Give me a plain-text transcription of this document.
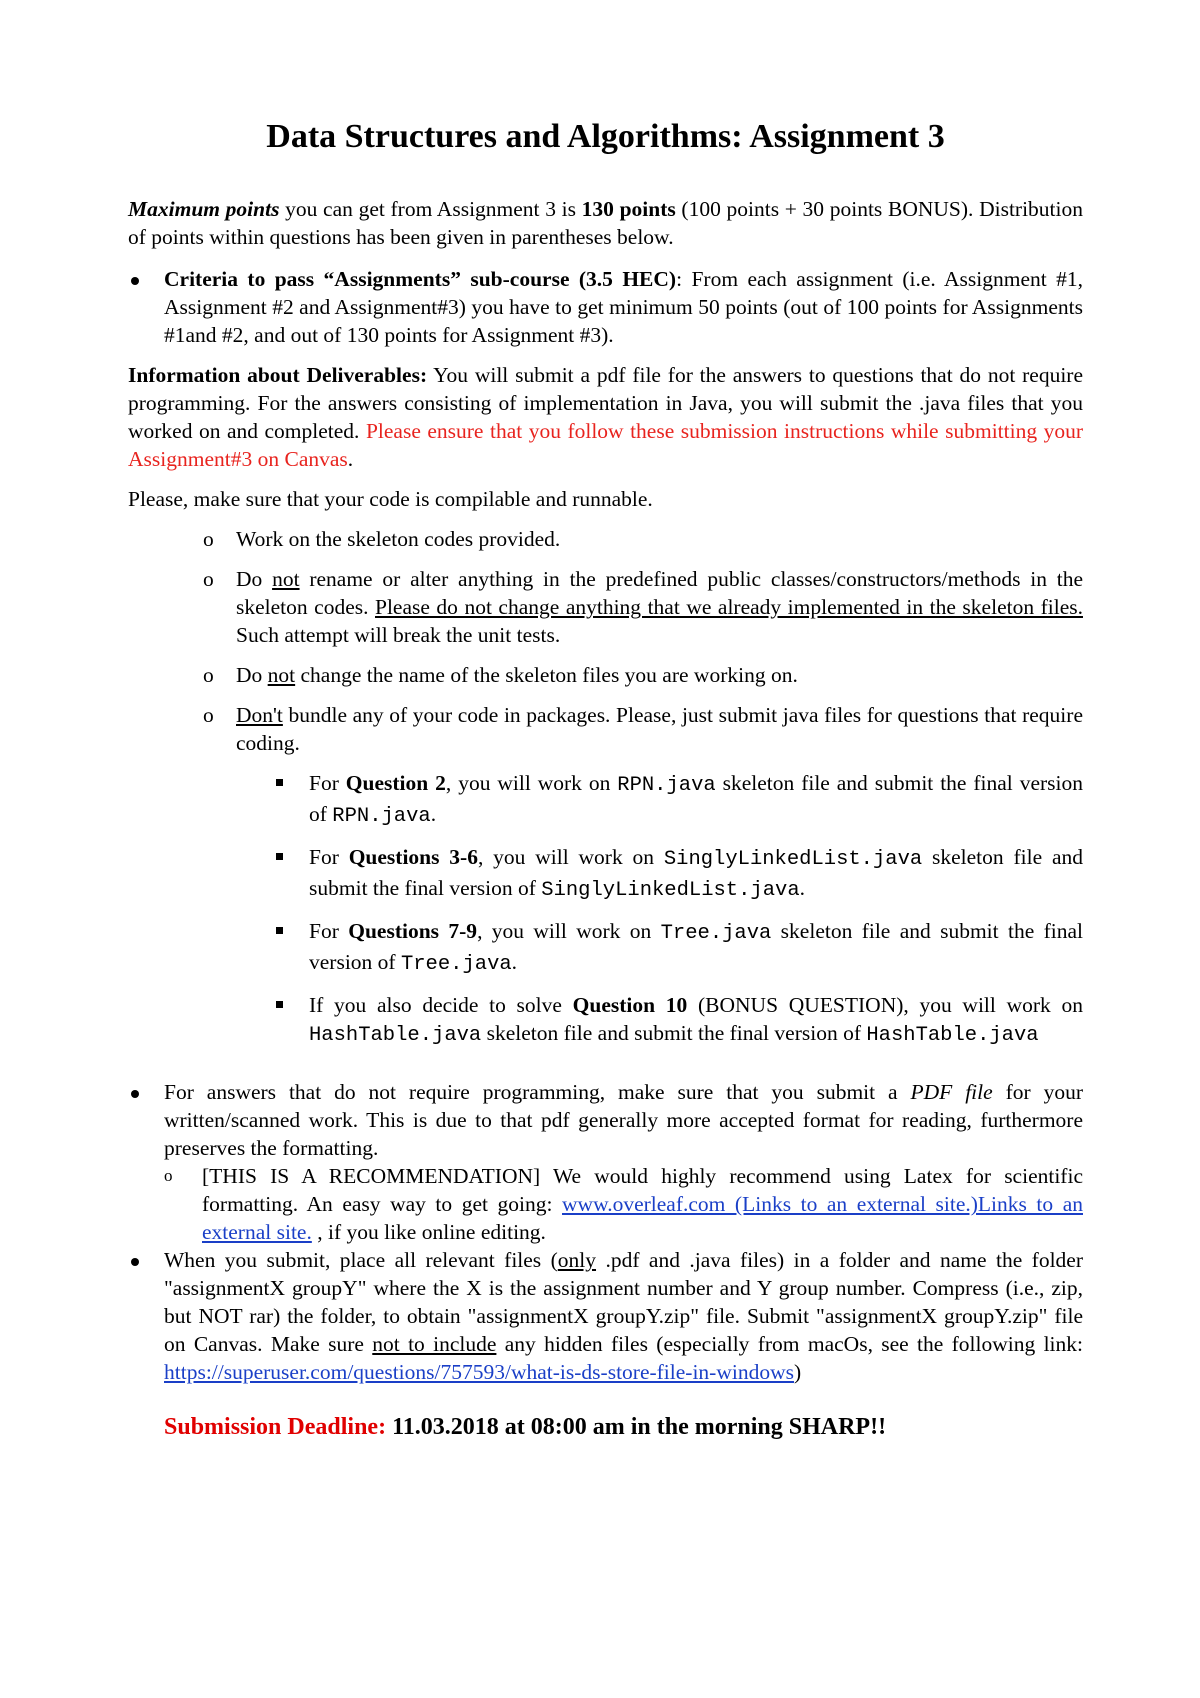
Data Structures and Algorithms: Assignment 3

Maximum points you can get from Assignment 3 is 130 points (100 points + 30 points BONUS). Distribution of points within questions has been given in parentheses below.

Criteria to pass “Assignments” sub-course (3.5 HEC): From each assignment (i.e. Assignment #1, Assignment #2 and Assignment#3) you have to get minimum 50 points (out of 100 points for Assignments #1and #2, and out of 130 points for Assignment #3).

Information about Deliverables: You will submit a pdf file for the answers to questions that do not require programming. For the answers consisting of implementation in Java, you will submit the .java files that you worked on and completed. Please ensure that you follow these submission instructions while submitting your Assignment#3 on Canvas.

Please, make sure that your code is compilable and runnable.

o Work on the skeleton codes provided.
o Do not rename or alter anything in the predefined public classes/constructors/methods in the skeleton codes. Please do not change anything that we already implemented in the skeleton files. Such attempt will break the unit tests.
o Do not change the name of the skeleton files you are working on.
o Don't bundle any of your code in packages. Please, just submit java files for questions that require coding.
For Question 2, you will work on RPN.java skeleton file and submit the final version of RPN.java.
For Questions 3-6, you will work on SinglyLinkedList.java skeleton file and submit the final version of SinglyLinkedList.java.
For Questions 7-9, you will work on Tree.java skeleton file and submit the final version of Tree.java.
If you also decide to solve Question 10 (BONUS QUESTION), you will work on HashTable.java skeleton file and submit the final version of HashTable.java
For answers that do not require programming, make sure that you submit a PDF file for your written/scanned work. This is due to that pdf generally more accepted format for reading, furthermore preserves the formatting.
o [THIS IS A RECOMMENDATION] We would highly recommend using Latex for scientific formatting. An easy way to get going: www.overleaf.com (Links to an external site.)Links to an external site. , if you like online editing.
When you submit, place all relevant files (only .pdf and .java files) in a folder and name the folder "assignmentX groupY" where the X is the assignment number and Y group number. Compress (i.e., zip, but NOT rar) the folder, to obtain "assignmentX groupY.zip" file. Submit "assignmentX groupY.zip" file on Canvas. Make sure not to include any hidden files (especially from macOs, see the following link: https://superuser.com/questions/757593/what-is-ds-store-file-in-windows)
Submission Deadline: 11.03.2018 at 08:00 am in the morning SHARP!!
